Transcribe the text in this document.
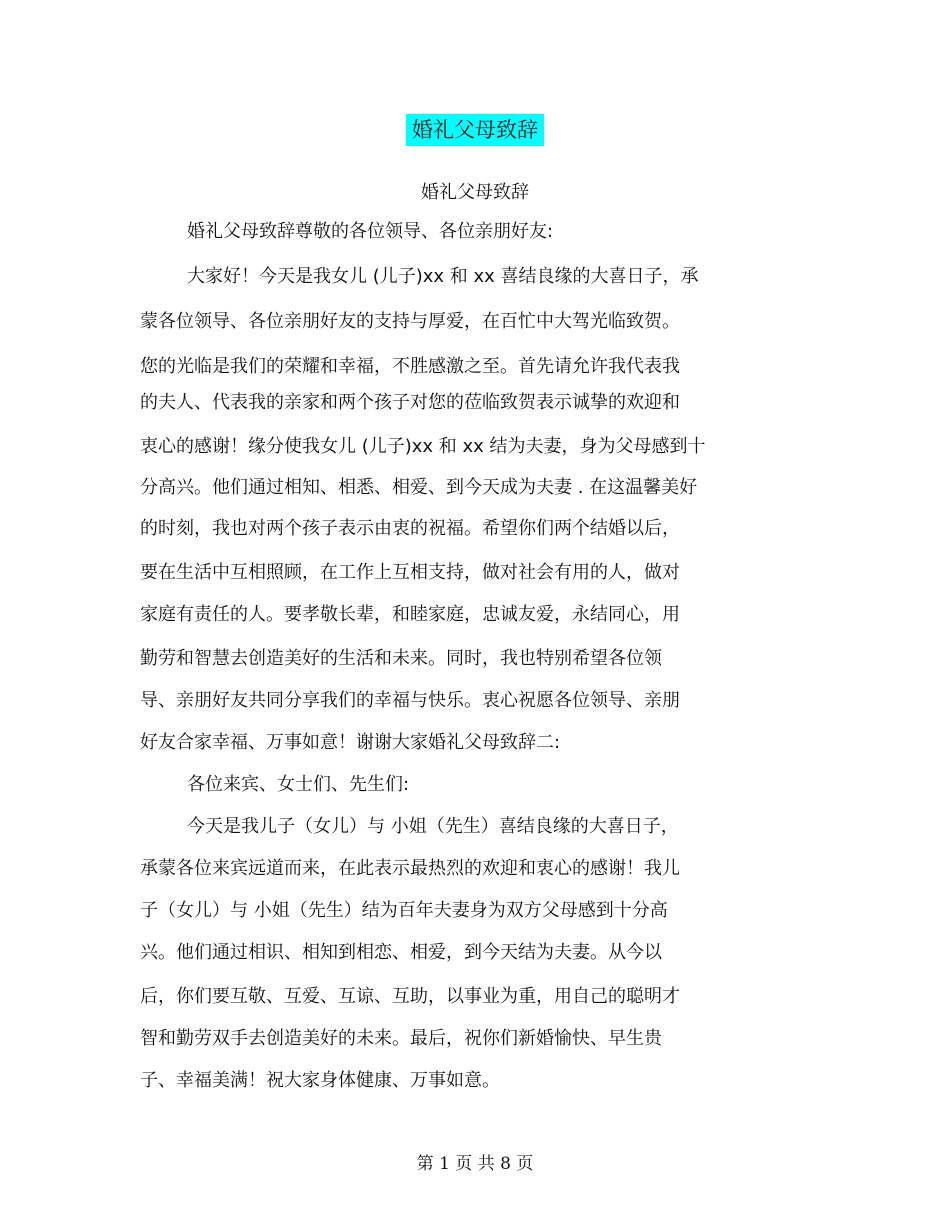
婚礼父母致辞
婚礼父母致辞
婚礼父母致辞尊敬的各位领导、各位亲朋好友:
大家好！今天是我女儿 (儿子)xx 和 xx 喜结良缘的大喜日子，承
蒙各位领导、各位亲朋好友的支持与厚爱，在百忙中大驾光临致贺。
您的光临是我们的荣耀和幸福，不胜感激之至。首先请允许我代表我
的夫人、代表我的亲家和两个孩子对您的莅临致贺表示诚挚的欢迎和
衷心的感谢！缘分使我女儿 (儿子)xx 和 xx 结为夫妻，身为父母感到十
分高兴。他们通过相知、相悉、相爱、到今天成为夫妻 . 在这温馨美好
的时刻，我也对两个孩子表示由衷的祝福。希望你们两个结婚以后，
要在生活中互相照顾，在工作上互相支持，做对社会有用的人，做对
家庭有责任的人。要孝敬长辈，和睦家庭，忠诚友爱，永结同心，用
勤劳和智慧去创造美好的生活和未来。同时，我也特别希望各位领
导、亲朋好友共同分享我们的幸福与快乐。衷心祝愿各位领导、亲朋
好友合家幸福、万事如意！谢谢大家婚礼父母致辞二:
各位来宾、女士们、先生们:
今天是我儿子（女儿）与 小姐（先生）喜结良缘的大喜日子，
承蒙各位来宾远道而来，在此表示最热烈的欢迎和衷心的感谢！我儿
子（女儿）与 小姐（先生）结为百年夫妻身为双方父母感到十分高
兴。他们通过相识、相知到相恋、相爱，到今天结为夫妻。从今以
后，你们要互敬、互爱、互谅、互助，以事业为重，用自己的聪明才
智和勤劳双手去创造美好的未来。最后，祝你们新婚愉快、早生贵
子、幸福美满！祝大家身体健康、万事如意。
第 1 页 共 8 页
